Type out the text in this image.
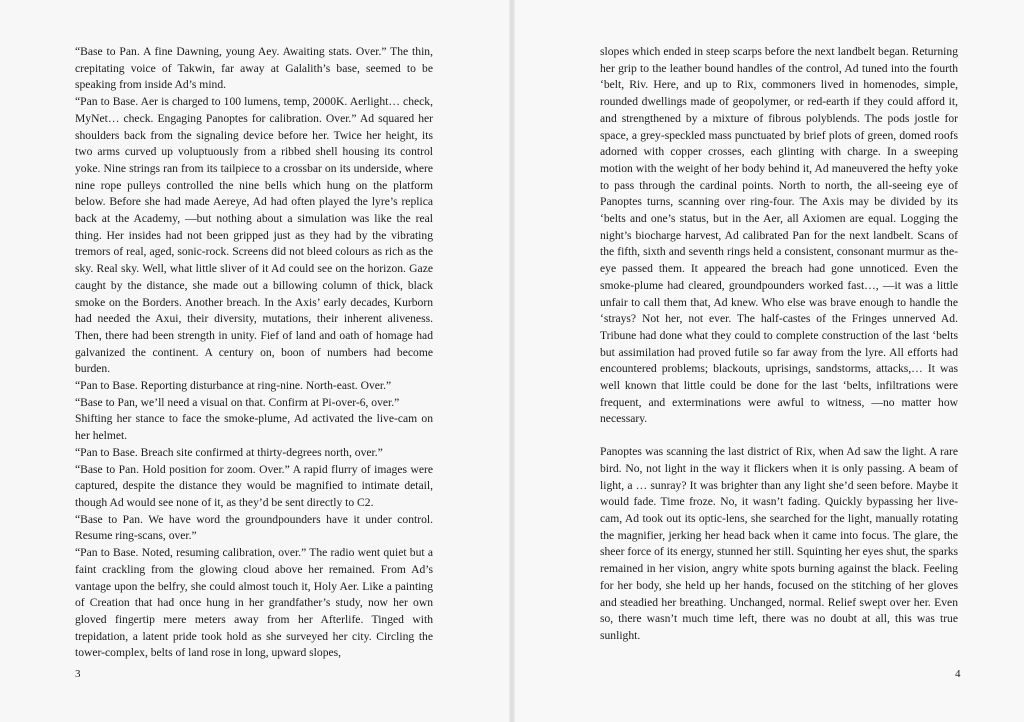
“Base to Pan. A fine Dawning, young Aey. Awaiting stats. Over.” The thin, crepitating voice of Takwin, far away at Galalith’s base, seemed to be speaking from inside Ad’s mind.

“Pan to Base. Aer is charged to 100 lumens, temp, 2000K. Aerlight… check, MyNet… check. Engaging Panoptes for calibration. Over.” Ad squared her shoulders back from the signaling device before her. Twice her height, its two arms curved up voluptuously from a ribbed shell housing its control yoke. Nine strings ran from its tailpiece to a crossbar on its underside, where nine rope pulleys controlled the nine bells which hung on the platform below. Before she had made Aereye, Ad had often played the lyre’s replica back at the Academy, —but nothing about a simulation was like the real thing. Her insides had not been gripped just as they had by the vibrating tremors of real, aged, sonic-rock. Screens did not bleed colours as rich as the sky. Real sky. Well, what little sliver of it Ad could see on the horizon. Gaze caught by the distance, she made out a billowing column of thick, black smoke on the Borders. Another breach. In the Axis’ early decades, Kurborn had needed the Axui, their diversity, mutations, their inherent aliveness. Then, there had been strength in unity. Fief of land and oath of homage had galvanized the continent. A century on, boon of numbers had become burden.

“Pan to Base. Reporting disturbance at ring-nine. North-east. Over.”

“Base to Pan, we’ll need a visual on that. Confirm at Pi-over-6, over.”

Shifting her stance to face the smoke-plume, Ad activated the live-cam on her helmet.

“Pan to Base. Breach site confirmed at thirty-degrees north, over.”

“Base to Pan. Hold position for zoom. Over.” A rapid flurry of images were captured, despite the distance they would be magnified to intimate detail, though Ad would see none of it, as they’d be sent directly to C2.

“Base to Pan. We have word the groundpounders have it under control. Resume ring-scans, over.”

“Pan to Base. Noted, resuming calibration, over.” The radio went quiet but a faint crackling from the glowing cloud above her remained. From Ad’s vantage upon the belfry, she could almost touch it, Holy Aer. Like a painting of Creation that had once hung in her grandfather’s study, now her own gloved fingertip mere meters away from her Afterlife. Tinged with trepidation, a latent pride took hold as she surveyed her city. Circling the tower-complex, belts of land rose in long, upward slopes,

3

slopes which ended in steep scarps before the next landbelt began. Returning her grip to the leather bound handles of the control, Ad tuned into the fourth ‘belt, Riv. Here, and up to Rix, commoners lived in homenodes, simple, rounded dwellings made of geopolymer, or red-earth if they could afford it, and strengthened by a mixture of fibrous polyblends. The pods jostle for space, a grey-speckled mass punctuated by brief plots of green, domed roofs adorned with copper crosses, each glinting with charge. In a sweeping motion with the weight of her body behind it, Ad maneuvered the hefty yoke to pass through the cardinal points. North to north, the all-seeing eye of Panoptes turns, scanning over ring-four. The Axis may be divided by its ‘belts and one’s status, but in the Aer, all Axiomen are equal. Logging the night’s biocharge harvest, Ad calibrated Pan for the next landbelt. Scans of the fifth, sixth and seventh rings held a consistent, consonant murmur as the-eye passed them. It appeared the breach had gone unnoticed. Even the smoke-plume had cleared, groundpounders worked fast…, —it was a little unfair to call them that, Ad knew. Who else was brave enough to handle the ‘strays? Not her, not ever. The half-castes of the Fringes unnerved Ad. Tribune had done what they could to complete construction of the last ‘belts but assimilation had proved futile so far away from the lyre. All efforts had encountered problems; blackouts, uprisings, sandstorms, attacks,… It was well known that little could be done for the last ‘belts, infiltrations were frequent, and exterminations were awful to witness, —no matter how necessary.

Panoptes was scanning the last district of Rix, when Ad saw the light. A rare bird. No, not light in the way it flickers when it is only passing. A beam of light, a … sunray? It was brighter than any light she’d seen before. Maybe it would fade. Time froze. No, it wasn’t fading. Quickly bypassing her live-cam, Ad took out its optic-lens, she searched for the light, manually rotating the magnifier, jerking her head back when it came into focus. The glare, the sheer force of its energy, stunned her still. Squinting her eyes shut, the sparks remained in her vision, angry white spots burning against the black. Feeling for her body, she held up her hands, focused on the stitching of her gloves and steadied her breathing. Unchanged, normal. Relief swept over her. Even so, there wasn’t much time left, there was no doubt at all, this was true sunlight.

4
